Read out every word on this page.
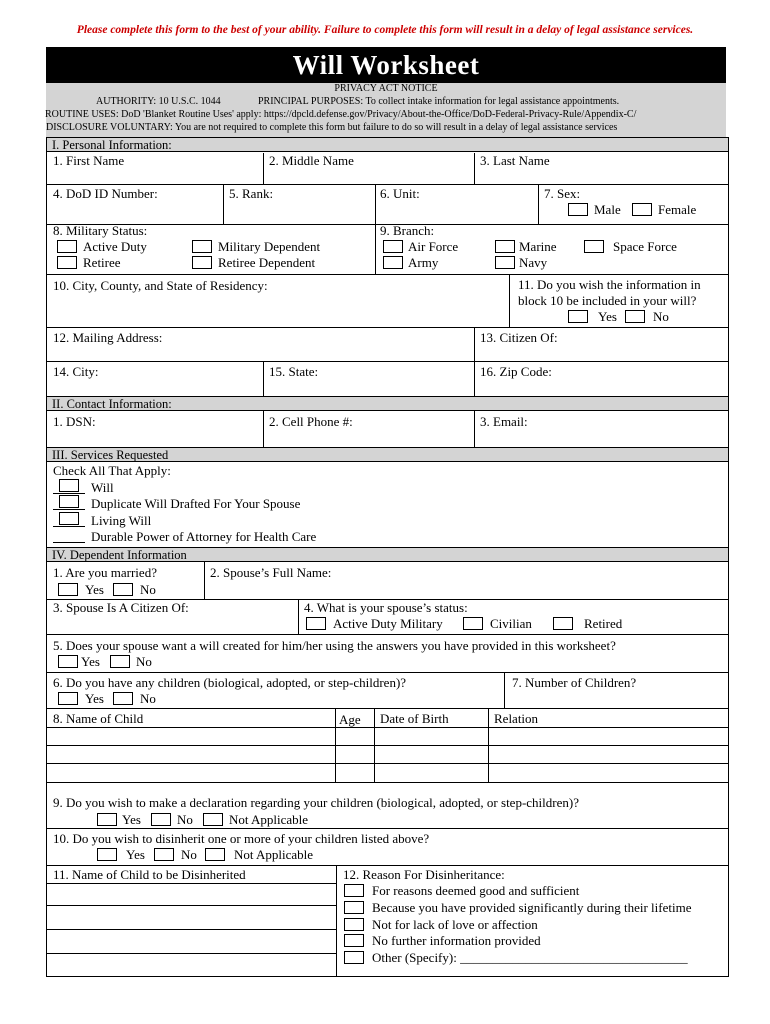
Please complete this form to the best of your ability. Failure to complete this form will result in a delay of legal assistance services.
Will Worksheet
PRIVACY ACT NOTICE
AUTHORITY: 10 U.S.C. 1044	PRINCIPAL PURPOSES: To collect intake information for legal assistance appointments.
ROUTINE USES: DoD 'Blanket Routine Uses' apply: https://dpcld.defense.gov/Privacy/About-the-Office/DoD-Federal-Privacy-Rule/Appendix-C/
DISCLOSURE VOLUNTARY: You are not required to complete this form but failure to do so will result in a delay of legal assistance services
I. Personal Information:
1. First Name	2. Middle Name	3. Last Name
4. DoD ID Number:	5. Rank:	6. Unit:	7. Sex:
Male	Female
8. Military Status:
Active Duty
Retiree
Military Dependent
Retiree Dependent
9. Branch:
Air Force
Army
Marine
Navy
Space Force
10. City, County, and State of Residency:	11. Do you wish the information in
block 10 be included in your will?
Yes	No
12. Mailing Address:	13. Citizen Of:
14. City:	15. State:	16. Zip Code:
II. Contact Information:
1. DSN:	2. Cell Phone #:	3. Email:
III. Services Requested
Check All That Apply:
Will
Duplicate Will Drafted For Your Spouse
Living Will
Durable Power of Attorney for Health Care
IV. Dependent Information
1. Are you married?
Yes	No
2. Spouse’s Full Name:
3. Spouse Is A Citizen Of:	4. What is your spouse’s status:
Active Duty Military	Civilian	Retired
5. Does your spouse want a will created for him/her using the answers you have provided in this worksheet?
Yes	No
6. Do you have any children (biological, adopted, or step-children)?
Yes	No
7. Number of Children?
8. Name of Child	Age Date of Birth	Relation
9. Do you wish to make a declaration regarding your children (biological, adopted, or step-children)?
Yes	No	Not Applicable
10. Do you wish to disinherit one or more of your children listed above?
Yes	No	Not Applicable
11. Name of Child to be Disinherited	12. Reason For Disinheritance:
For reasons deemed good and sufficient
Because you have provided significantly during their lifetime
Not for lack of love or affection
No further information provided
Other (Specify): ___________________________________
